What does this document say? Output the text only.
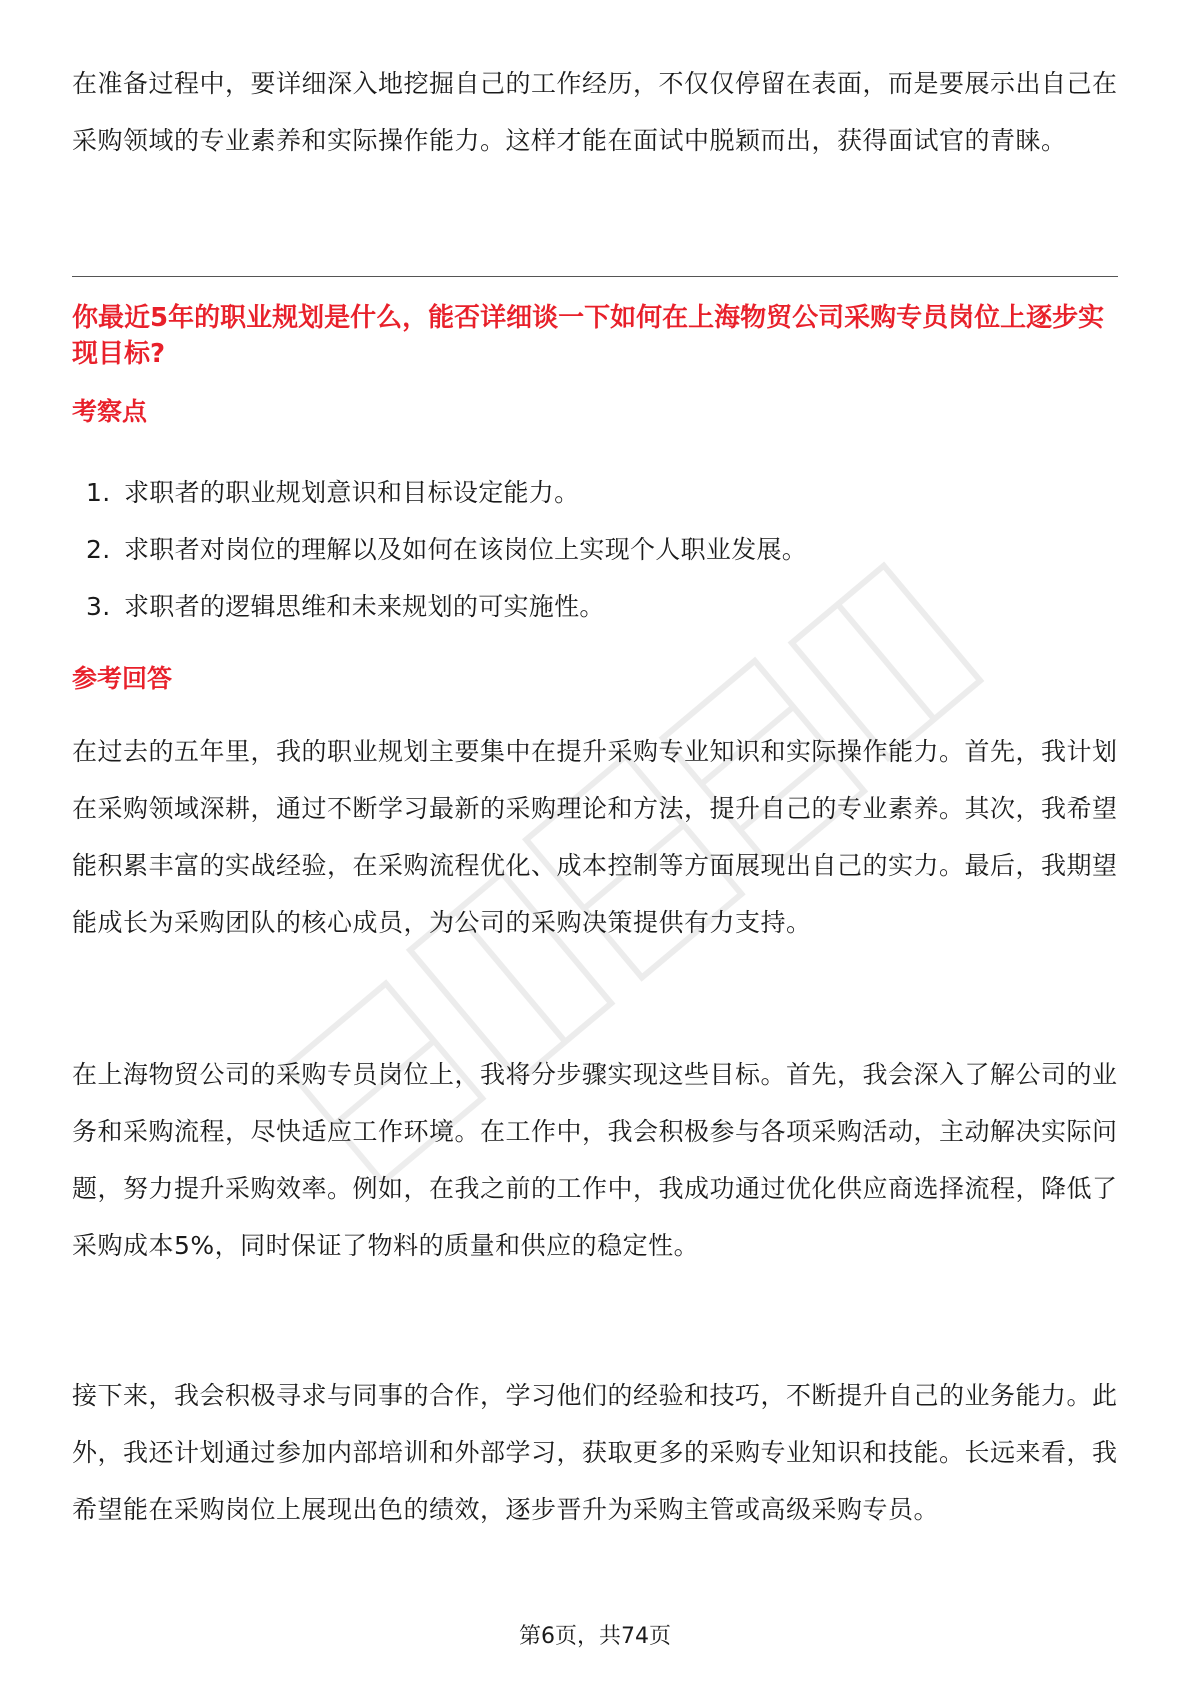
在准备过程中，要详细深入地挖掘自己的工作经历，不仅仅停留在表面，而是要展示出自己在采购领域的专业素养和实际操作能力。这样才能在面试中脱颖而出，获得面试官的青睐。

你最近5年的职业规划是什么，能否详细谈一下如何在上海物贸公司采购专员岗位上逐步实现目标?
考察点
1. 求职者的职业规划意识和目标设定能力。
2. 求职者对岗位的理解以及如何在该岗位上实现个人职业发展。
3. 求职者的逻辑思维和未来规划的可实施性。
参考回答

在过去的五年里，我的职业规划主要集中在提升采购专业知识和实际操作能力。首先，我计划在采购领域深耕，通过不断学习最新的采购理论和方法，提升自己的专业素养。其次，我希望能积累丰富的实战经验，在采购流程优化、成本控制等方面展现出自己的实力。最后，我期望能成长为采购团队的核心成员，为公司的采购决策提供有力支持。

在上海物贸公司的采购专员岗位上，我将分步骤实现这些目标。首先，我会深入了解公司的业务和采购流程，尽快适应工作环境。在工作中，我会积极参与各项采购活动，主动解决实际问题，努力提升采购效率。例如，在我之前的工作中，我成功通过优化供应商选择流程，降低了采购成本5%，同时保证了物料的质量和供应的稳定性。

接下来，我会积极寻求与同事的合作，学习他们的经验和技巧，不断提升自己的业务能力。此外，我还计划通过参加内部培训和外部学习，获取更多的采购专业知识和技能。长远来看，我希望能在采购岗位上展现出色的绩效，逐步晋升为采购主管或高级采购专员。

第6页，共74页
